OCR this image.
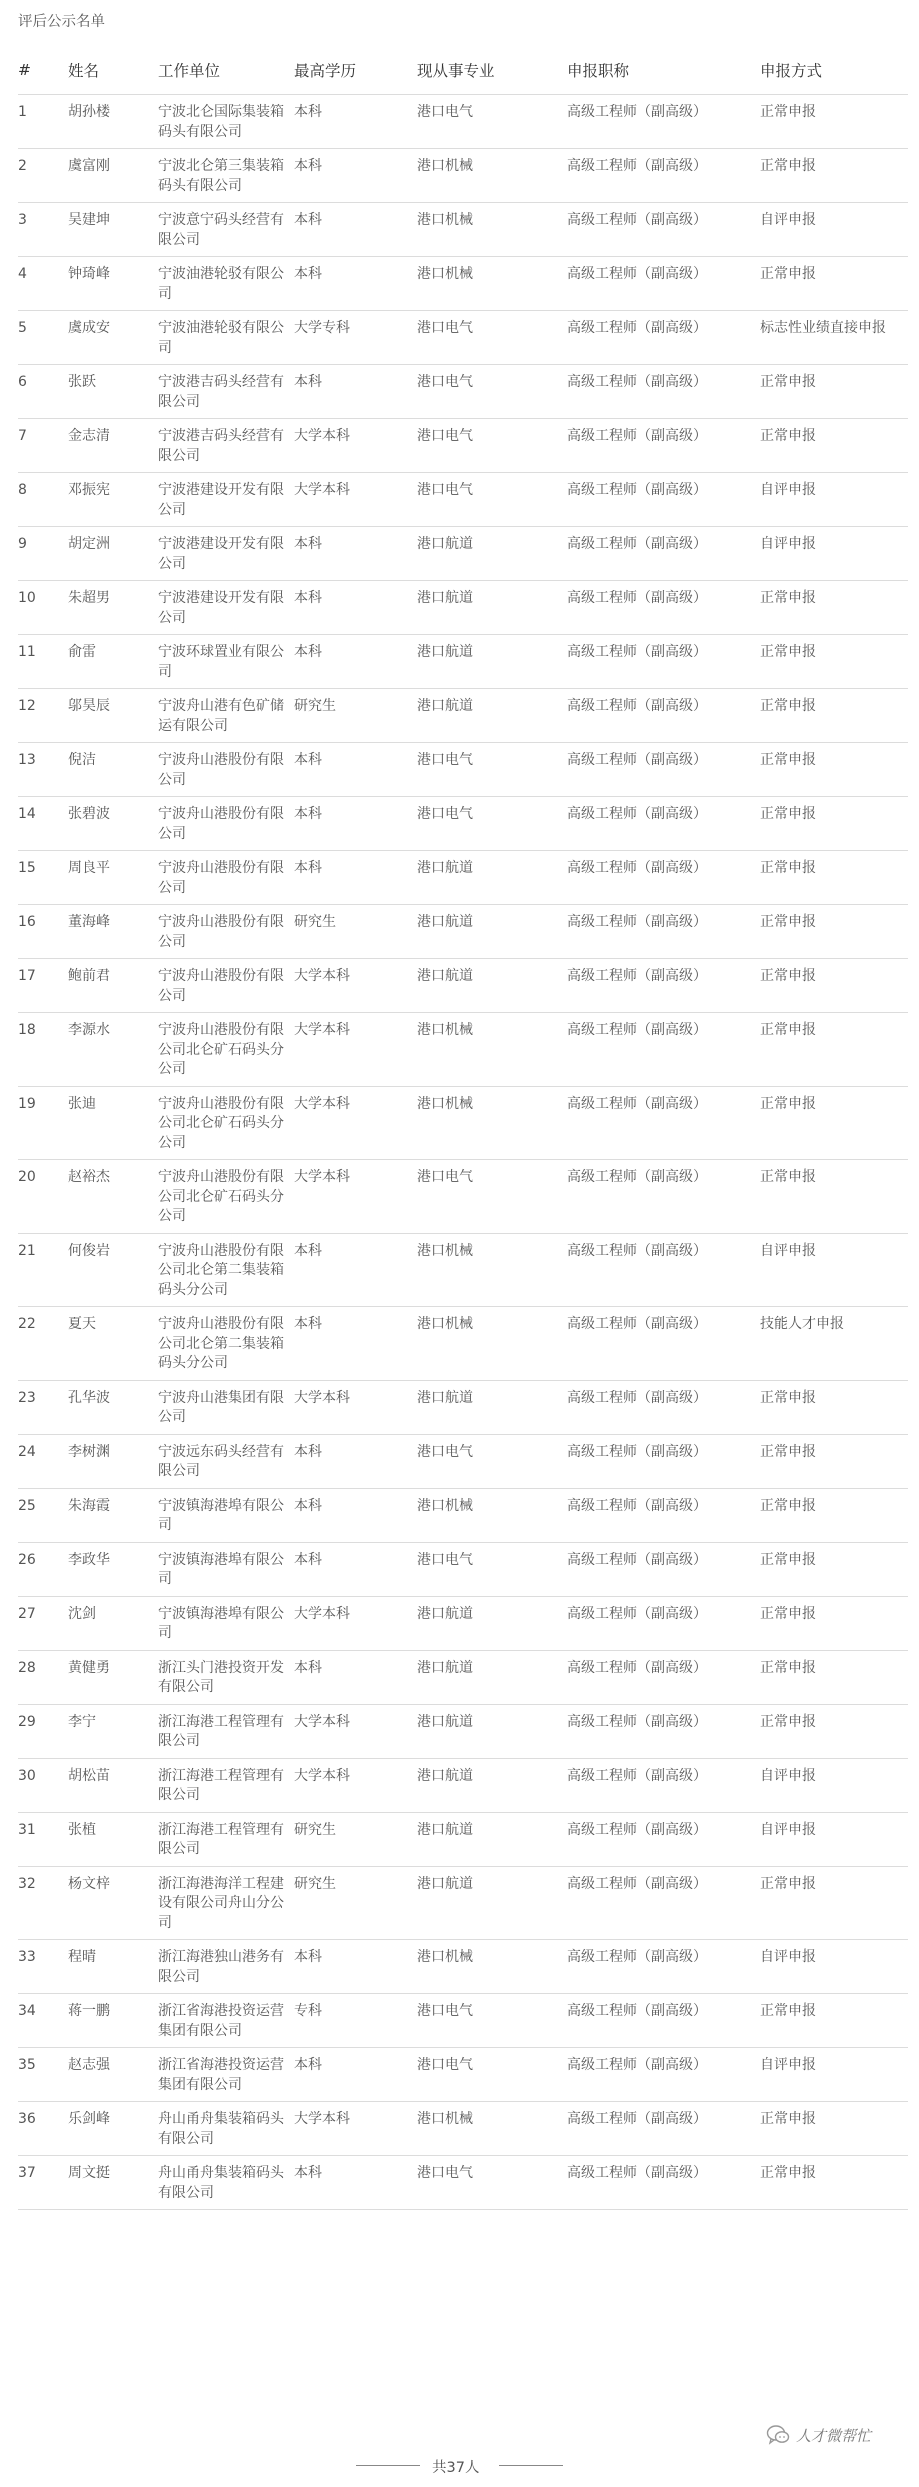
评后公示名单
#	姓名	工作单位	最高学历	现从事专业	申报职称	申报方式
1	胡孙楼	宁波北仑国际集装箱码头有限公司	本科	港口电气	高级工程师（副高级）	正常申报
2	虞富刚	宁波北仑第三集装箱码头有限公司	本科	港口机械	高级工程师（副高级）	正常申报
3	吴建坤	宁波意宁码头经营有限公司	本科	港口机械	高级工程师（副高级）	自评申报
4	钟琦峰	宁波油港轮驳有限公司	本科	港口机械	高级工程师（副高级）	正常申报
5	虞成安	宁波油港轮驳有限公司	大学专科	港口电气	高级工程师（副高级）	标志性业绩直接申报
6	张跃	宁波港吉码头经营有限公司	本科	港口电气	高级工程师（副高级）	正常申报
7	金志清	宁波港吉码头经营有限公司	大学本科	港口电气	高级工程师（副高级）	正常申报
8	邓振宪	宁波港建设开发有限公司	大学本科	港口电气	高级工程师（副高级）	自评申报
9	胡定洲	宁波港建设开发有限公司	本科	港口航道	高级工程师（副高级）	自评申报
10	朱超男	宁波港建设开发有限公司	本科	港口航道	高级工程师（副高级）	正常申报
11	俞雷	宁波环球置业有限公司	本科	港口航道	高级工程师（副高级）	正常申报
12	邬昊辰	宁波舟山港有色矿储运有限公司	研究生	港口航道	高级工程师（副高级）	正常申报
13	倪洁	宁波舟山港股份有限公司	本科	港口电气	高级工程师（副高级）	正常申报
14	张碧波	宁波舟山港股份有限公司	本科	港口电气	高级工程师（副高级）	正常申报
15	周良平	宁波舟山港股份有限公司	本科	港口航道	高级工程师（副高级）	正常申报
16	董海峰	宁波舟山港股份有限公司	研究生	港口航道	高级工程师（副高级）	正常申报
17	鲍前君	宁波舟山港股份有限公司	大学本科	港口航道	高级工程师（副高级）	正常申报
18	李源水	宁波舟山港股份有限公司北仑矿石码头分公司	大学本科	港口机械	高级工程师（副高级）	正常申报
19	张迪	宁波舟山港股份有限公司北仑矿石码头分公司	大学本科	港口机械	高级工程师（副高级）	正常申报
20	赵裕杰	宁波舟山港股份有限公司北仑矿石码头分公司	大学本科	港口电气	高级工程师（副高级）	正常申报
21	何俊岩	宁波舟山港股份有限公司北仑第二集装箱码头分公司	本科	港口机械	高级工程师（副高级）	自评申报
22	夏天	宁波舟山港股份有限公司北仑第二集装箱码头分公司	本科	港口机械	高级工程师（副高级）	技能人才申报
23	孔华波	宁波舟山港集团有限公司	大学本科	港口航道	高级工程师（副高级）	正常申报
24	李树渊	宁波远东码头经营有限公司	本科	港口电气	高级工程师（副高级）	正常申报
25	朱海霞	宁波镇海港埠有限公司	本科	港口机械	高级工程师（副高级）	正常申报
26	李政华	宁波镇海港埠有限公司	本科	港口电气	高级工程师（副高级）	正常申报
27	沈剑	宁波镇海港埠有限公司	大学本科	港口航道	高级工程师（副高级）	正常申报
28	黄健勇	浙江头门港投资开发有限公司	本科	港口航道	高级工程师（副高级）	正常申报
29	李宁	浙江海港工程管理有限公司	大学本科	港口航道	高级工程师（副高级）	正常申报
30	胡松苗	浙江海港工程管理有限公司	大学本科	港口航道	高级工程师（副高级）	自评申报
31	张植	浙江海港工程管理有限公司	研究生	港口航道	高级工程师（副高级）	自评申报
32	杨文梓	浙江海港海洋工程建设有限公司舟山分公司	研究生	港口航道	高级工程师（副高级）	正常申报
33	程晴	浙江海港独山港务有限公司	本科	港口机械	高级工程师（副高级）	自评申报
34	蒋一鹏	浙江省海港投资运营集团有限公司	专科	港口电气	高级工程师（副高级）	正常申报
35	赵志强	浙江省海港投资运营集团有限公司	本科	港口电气	高级工程师（副高级）	自评申报
36	乐剑峰	舟山甬舟集装箱码头有限公司	大学本科	港口机械	高级工程师（副高级）	正常申报
37	周文挺	舟山甬舟集装箱码头有限公司	本科	港口电气	高级工程师（副高级）	正常申报
共37人
人才微帮忙
